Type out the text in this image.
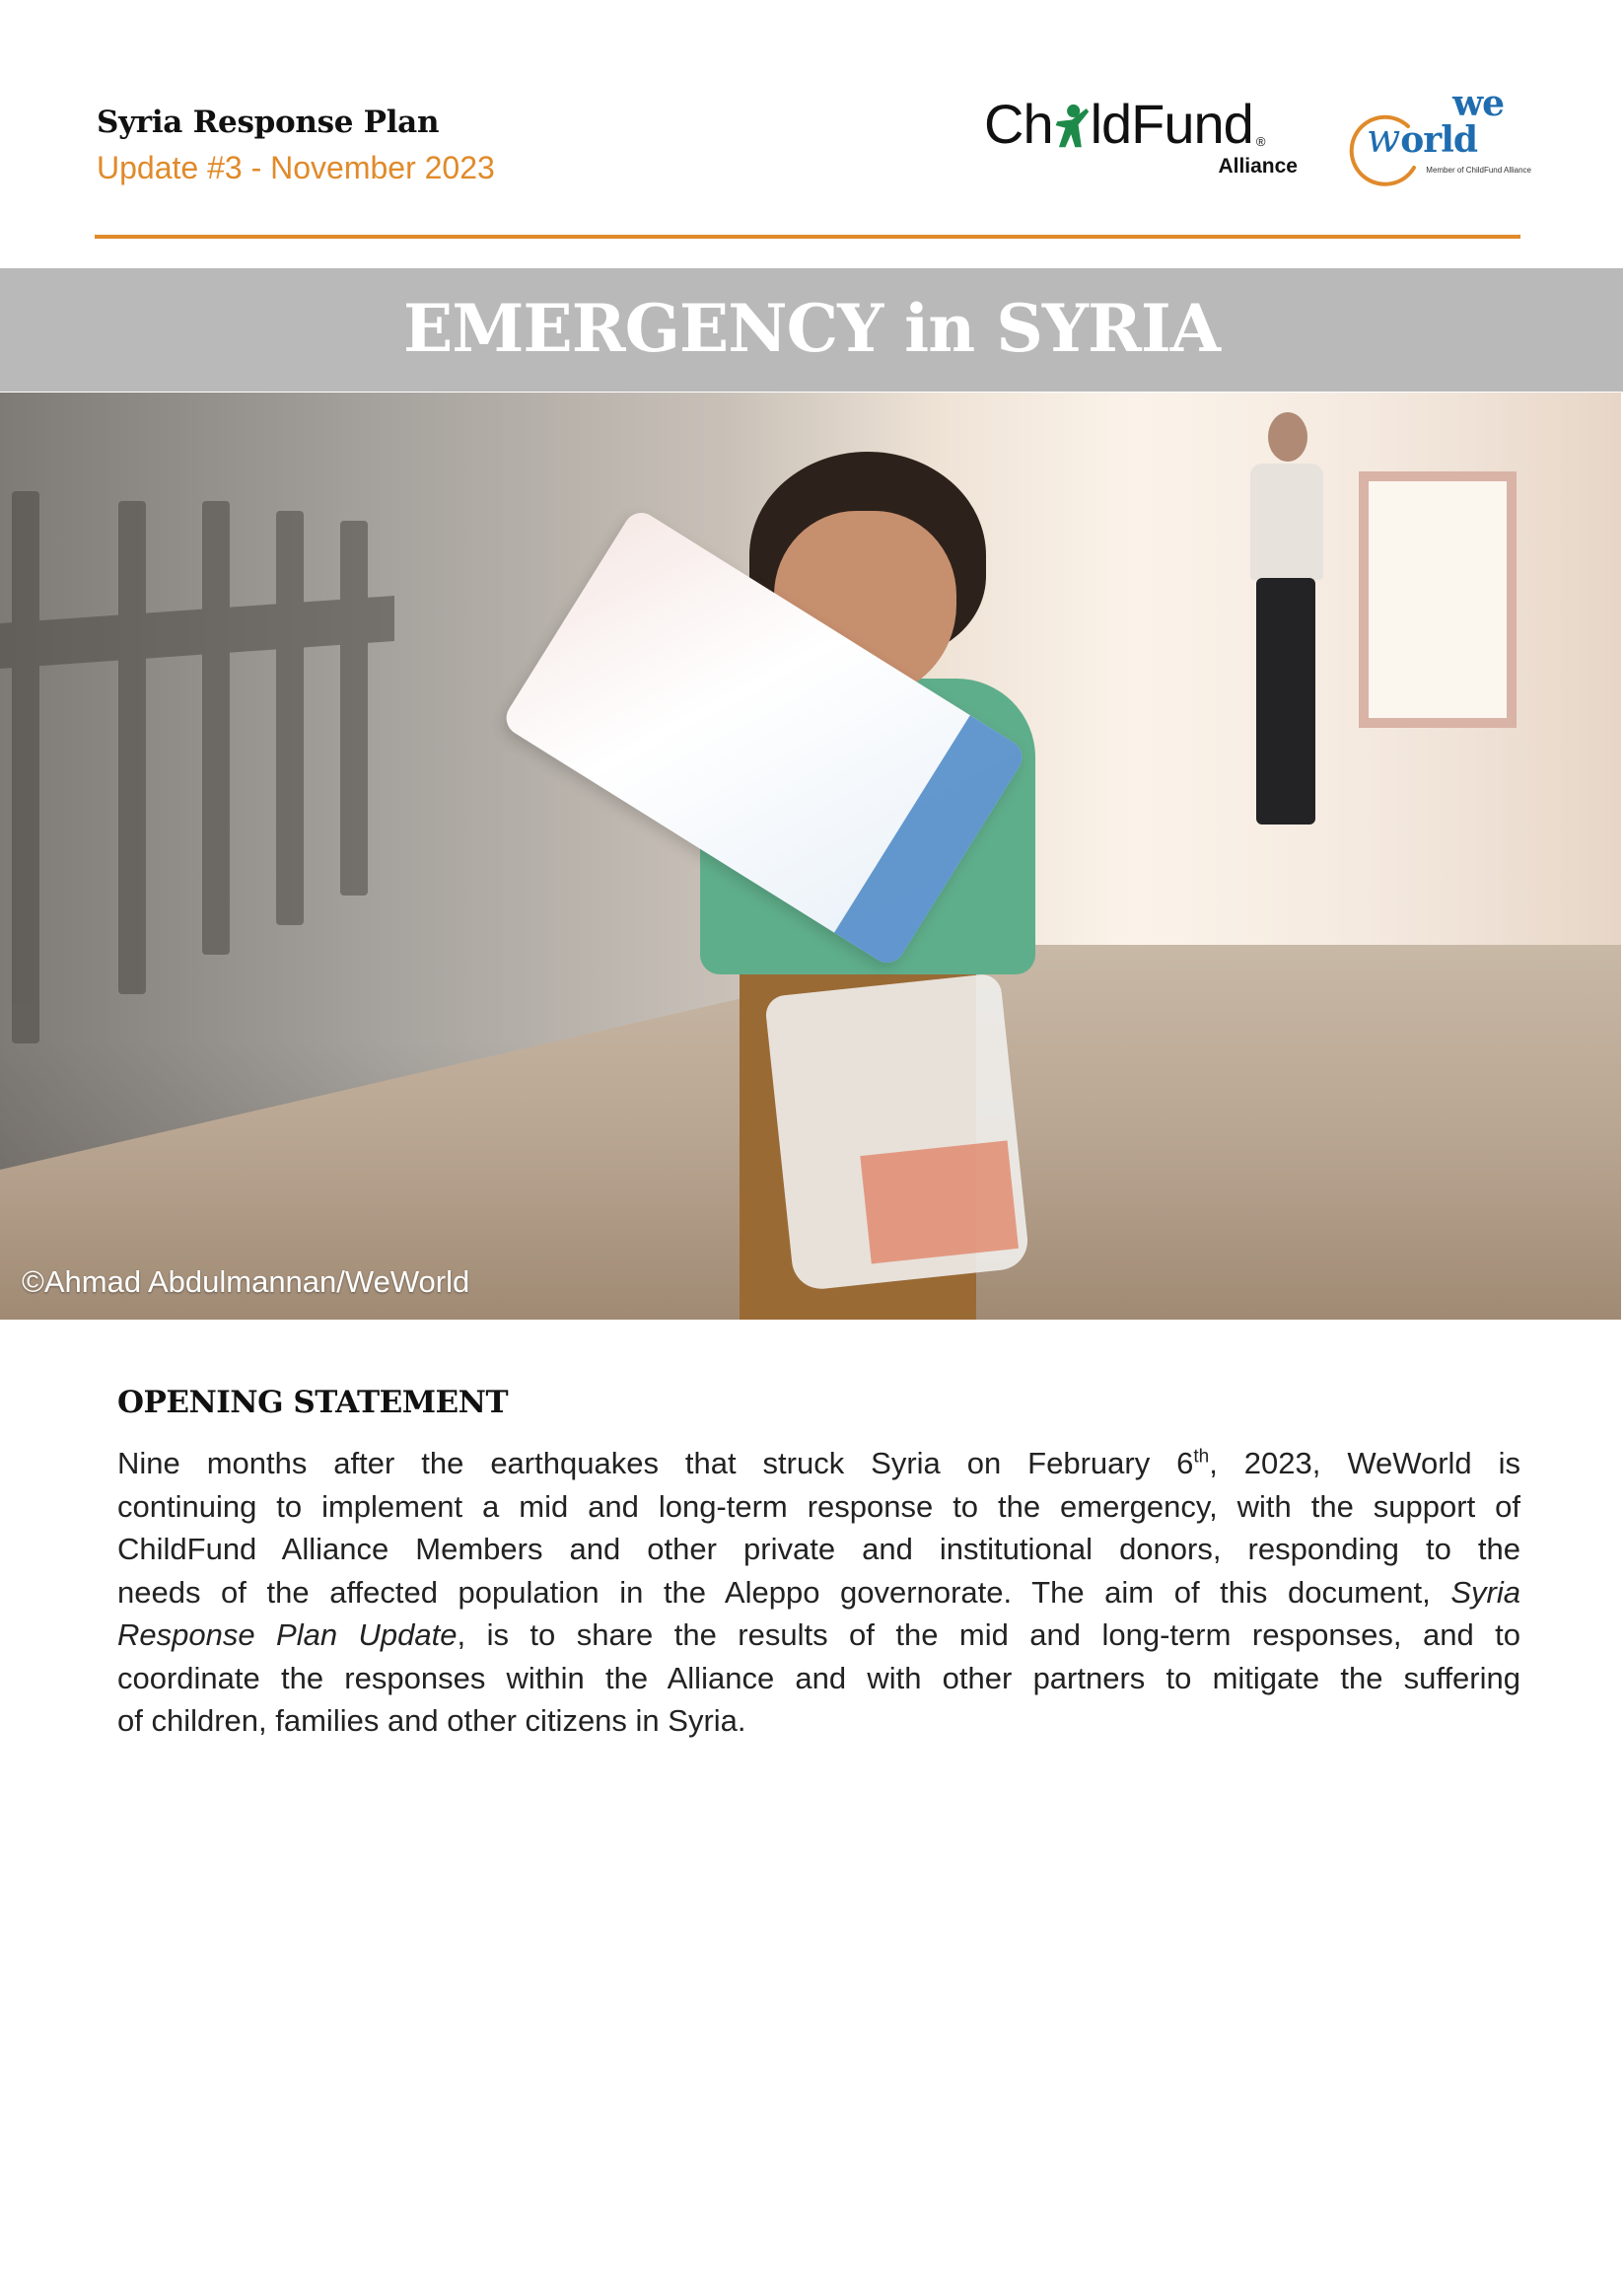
Syria Response Plan
Update #3 - November 2023
Ch ldFund ®
Alliance
we
w orld
Member of ChildFund Alliance
EMERGENCY in SYRIA
©Ahmad Abdulmannan/WeWorld
OPENING STATEMENT
Nine months after the earthquakes that struck Syria on February 6th, 2023, WeWorld is
continuing to implement a mid and long-term response to the emergency, with the support of
ChildFund Alliance Members and other private and institutional donors, responding to the
needs of the affected population in the Aleppo governorate. The aim of this document, Syria
Response Plan Update, is to share the results of the mid and long-term responses, and to
coordinate the responses within the Alliance and with other partners to mitigate the suffering
of children, families and other citizens in Syria.
